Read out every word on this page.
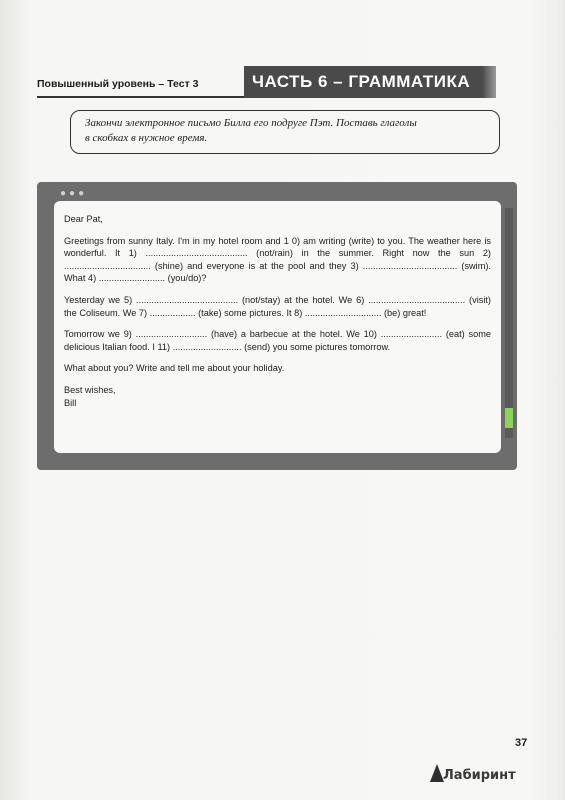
Повышенный уровень – Тест 3	ЧАСТЬ 6 – ГРАММАТИКА

Закончи электронное письмо Билла его подруге Пэт. Поставь глаголы
в скобках в нужное время.
●●●

Dear Pat,

Greetings from sunny Italy. I'm in my hotel room and 1 0) am writing (write) to you. The weather here is wonderful. It 1) ........................................ (not/rain) in the summer. Right now the sun 2) .................................. (shine) and everyone is at the pool and they 3) ..................................... (swim). What 4) .......................... (you/do)?

Yesterday we 5) ........................................ (not/stay) at the hotel. We 6) ...................................... (visit) the Coliseum. We 7) .................. (take) some pictures. It 8) .............................. (be) great!

Tomorrow we 9) ............................ (have) a barbecue at the hotel. We 10) ........................ (eat) some delicious Italian food. I 11) ........................... (send) you some pictures tomorrow.

What about you? Write and tell me about your holiday.

Best wishes,
Bill
37
Лабиринт
